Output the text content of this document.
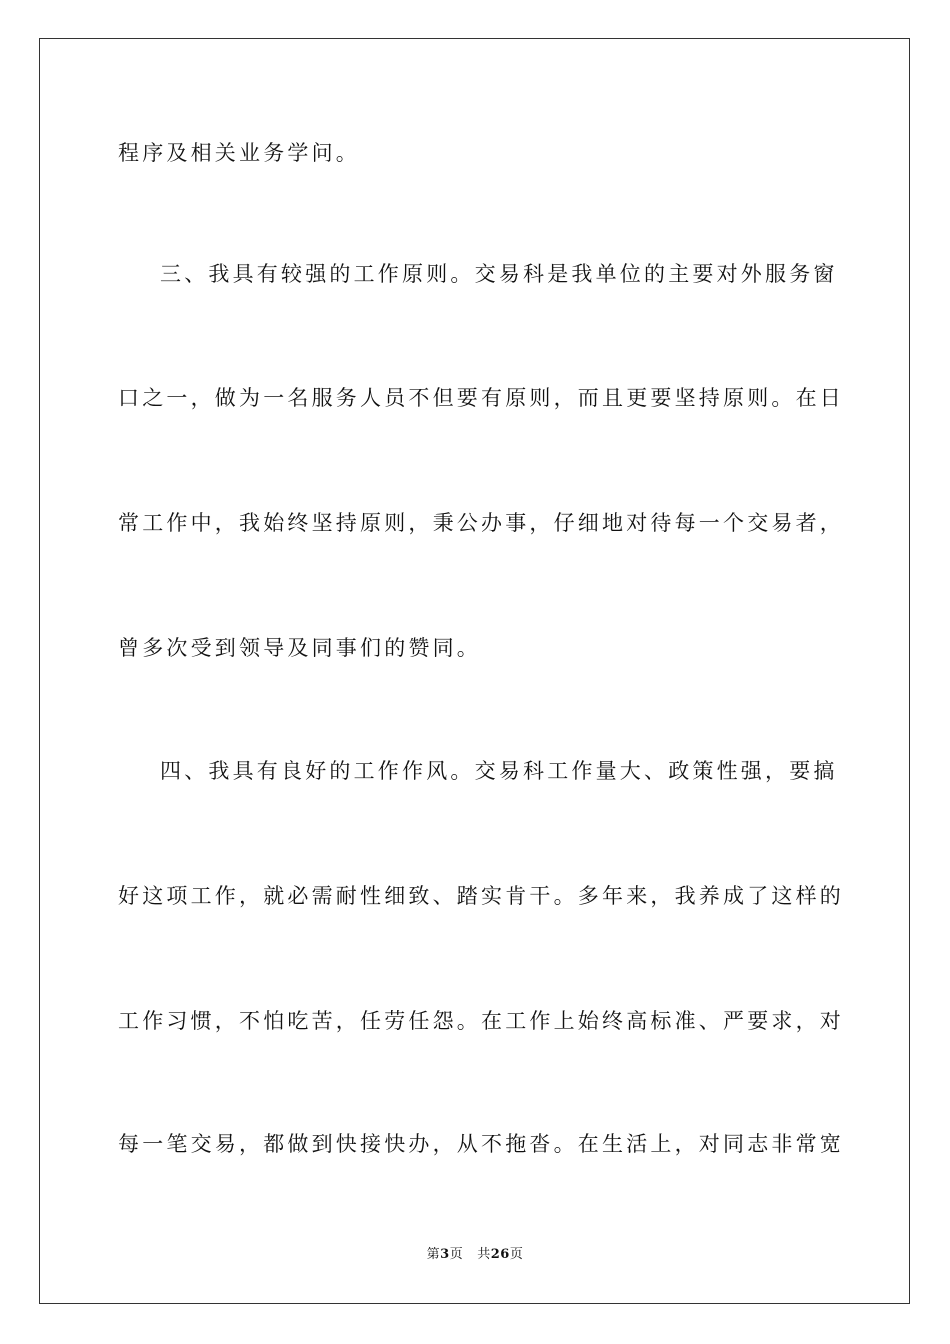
程序及相关业务学问。
三、我具有较强的工作原则。交易科是我单位的主要对外服务窗
口之一，做为一名服务人员不但要有原则，而且更要坚持原则。在日
常工作中，我始终坚持原则，秉公办事，仔细地对待每一个交易者，
曾多次受到领导及同事们的赞同。
四、我具有良好的工作作风。交易科工作量大、政策性强，要搞
好这项工作，就必需耐性细致、踏实肯干。多年来，我养成了这样的
工作习惯，不怕吃苦，任劳任怨。在工作上始终高标准、严要求，对
每一笔交易，都做到快接快办，从不拖沓。在生活上，对同志非常宽
第3页 共26页
